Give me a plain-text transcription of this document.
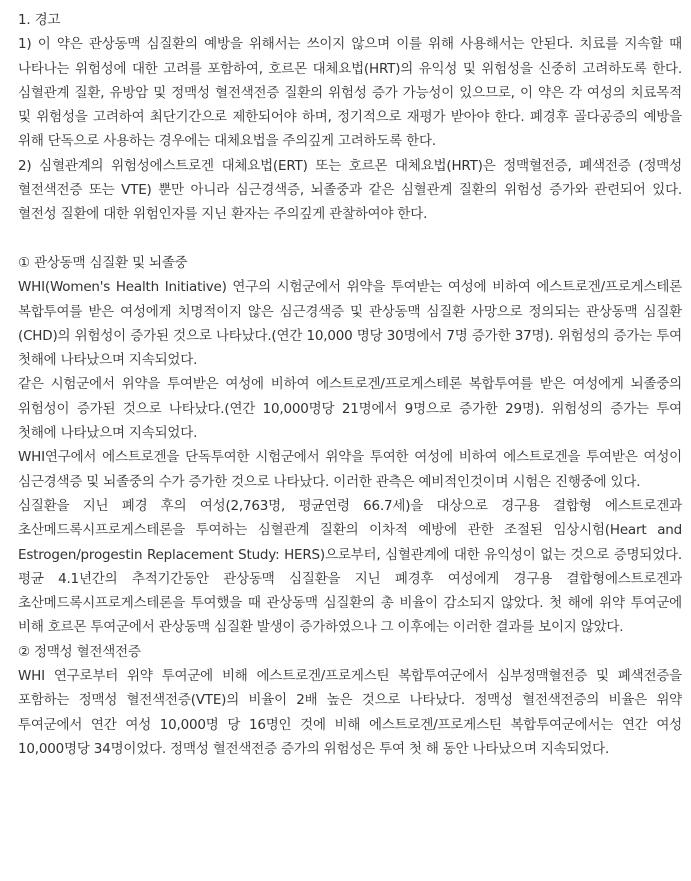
1. 경고

1) 이 약은 관상동맥 심질환의 예방을 위해서는 쓰이지 않으며 이를 위해 사용해서는 안된다. 치료를 지속할 때 나타나는 위험성에 대한 고려를 포함하여, 호르몬 대체요법(HRT)의 유익성 및 위험성을 신중히 고려하도록 한다. 심혈관계 질환, 유방암 및 정맥성 혈전색전증 질환의 위험성 증가 가능성이 있으므로, 이 약은 각 여성의 치료목적 및 위험성을 고려하여 최단기간으로 제한되어야 하며, 정기적으로 재평가 받아야 한다. 폐경후 골다공증의 예방을 위해 단독으로 사용하는 경우에는 대체요법을 주의깊게 고려하도록 한다.

2) 심혈관계의 위험성에스트로겐 대체요법(ERT) 또는 호르몬 대체요법(HRT)은 정맥혈전증, 폐색전증 (정맥성 혈전색전증 또는 VTE) 뿐만 아니라 심근경색증, 뇌졸중과 같은 심혈관계 질환의 위험성 증가와 관련되어 있다. 혈전성 질환에 대한 위험인자를 지닌 환자는 주의깊게 관찰하여야 한다.

① 관상동맥 심질환 및 뇌졸중

WHI(Women's Health Initiative) 연구의 시험군에서 위약을 투여받는 여성에 비하여 에스트로겐/프로게스테론 복합투여를 받은 여성에게 치명적이지 않은 심근경색증 및 관상동맥 심질환 사망으로 정의되는 관상동맥 심질환(CHD)의 위험성이 증가된 것으로 나타났다.(연간 10,000 명당 30명에서 7명 증가한 37명). 위험성의 증가는 투여 첫해에 나타났으며 지속되었다.

같은 시험군에서 위약을 투여받은 여성에 비하여 에스트로겐/프로게스테론 복합투여를 받은 여성에게 뇌졸중의 위험성이 증가된 것으로 나타났다.(연간 10,000명당 21명에서 9명으로 증가한 29명). 위험성의 증가는 투여 첫해에 나타났으며 지속되었다.

WHI연구에서 에스트로겐을 단독투여한 시험군에서 위약을 투여한 여성에 비하여 에스트로겐을 투여받은 여성이 심근경색증 및 뇌졸중의 수가 증가한 것으로 나타났다. 이러한 관측은 예비적인것이며 시험은 진행중에 있다.

심질환을 지닌 폐경 후의 여성(2,763명, 평균연령 66.7세)을 대상으로 경구용 결합형 에스트로겐과 초산메드록시프로게스테론을 투여하는 심혈관계 질환의 이차적 예방에 관한 조절된 임상시험(Heart and Estrogen/progestin Replacement Study: HERS)으로부터, 심혈관계에 대한 유익성이 없는 것으로 증명되었다. 평균 4.1년간의 추적기간동안 관상동맥 심질환을 지닌 폐경후 여성에게 경구용 결합형에스트로겐과 초산메드록시프로게스테론을 투여했을 때 관상동맥 심질환의 총 비율이 감소되지 않았다. 첫 해에 위약 투여군에 비해 호르몬 투여군에서 관상동맥 심질환 발생이 증가하였으나 그 이후에는 이러한 결과를 보이지 않았다.

② 정맥성 혈전색전증

WHI 연구로부터 위약 투여군에 비해 에스트로겐/프로게스틴 복합투여군에서 심부정맥혈전증 및 폐색전증을 포함하는 정맥성 혈전색전증(VTE)의 비율이 2배 높은 것으로 나타났다. 정맥성 혈전색전증의 비율은 위약 투여군에서 연간 여성 10,000명 당 16명인 것에 비해 에스트로겐/프로게스틴 복합투여군에서는 연간 여성 10,000명당 34명이었다. 정맥성 혈전색전증 증가의 위험성은 투여 첫 해 동안 나타났으며 지속되었다.
